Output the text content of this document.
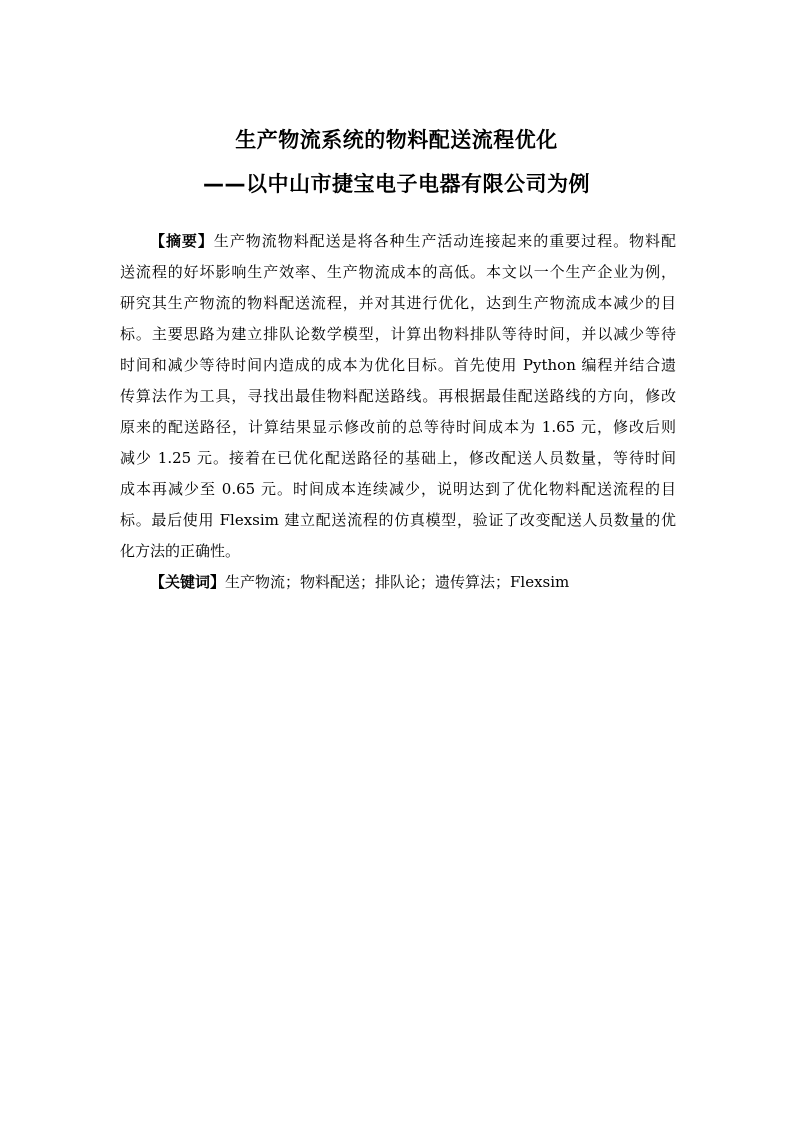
生产物流系统的物料配送流程优化
——以中山市捷宝电子电器有限公司为例
【摘要】生产物流物料配送是将各种生产活动连接起来的重要过程。物料配
送流程的好坏影响生产效率、生产物流成本的高低。本文以一个生产企业为例，
研究其生产物流的物料配送流程，并对其进行优化，达到生产物流成本减少的目
标。主要思路为建立排队论数学模型，计算出物料排队等待时间，并以减少等待
时间和减少等待时间内造成的成本为优化目标。首先使用 Python 编程并结合遗
传算法作为工具，寻找出最佳物料配送路线。再根据最佳配送路线的方向，修改
原来的配送路径，计算结果显示修改前的总等待时间成本为 1.65 元，修改后则
减少 1.25 元。接着在已优化配送路径的基础上，修改配送人员数量，等待时间
成本再减少至 0.65 元。时间成本连续减少，说明达到了优化物料配送流程的目
标。最后使用 Flexsim 建立配送流程的仿真模型，验证了改变配送人员数量的优
化方法的正确性。
【关键词】生产物流；物料配送；排队论；遗传算法；Flexsim
